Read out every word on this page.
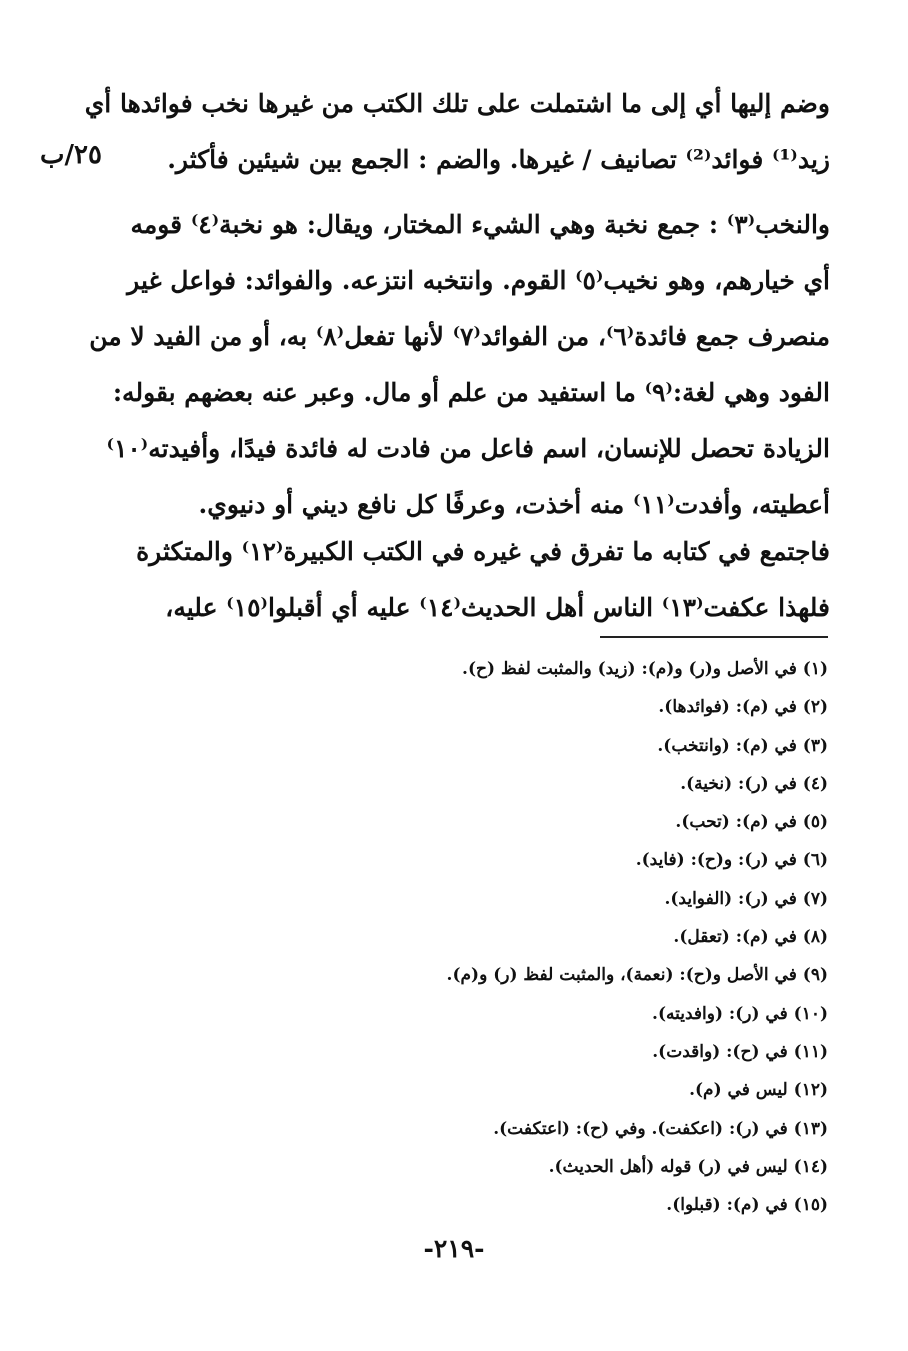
٢٥/ب
وضم إليها أي إلى ما اشتملت على تلك الكتب من غيرها نخب فوائدها أي
زيد⁽¹⁾ فوائد⁽²⁾ تصانيف / غيرها. والضم : الجمع بين شيئين فأكثر.
والنخب⁽٣⁾ : جمع نخبة وهي الشيء المختار، ويقال: هو نخبة⁽٤⁾ قومه
أي خيارهم، وهو نخيب⁽٥⁾ القوم. وانتخبه انتزعه. والفوائد: فواعل غير
منصرف جمع فائدة⁽٦⁾، من الفوائد⁽٧⁾ لأنها تفعل⁽٨⁾ به، أو من الفيد لا من
الفود وهي لغة:⁽٩⁾ ما استفيد من علم أو مال. وعبر عنه بعضهم بقوله:
الزيادة تحصل للإنسان، اسم فاعل من فادت له فائدة فيدًا، وأفيدته⁽١٠⁾
أعطيته، وأفدت⁽١١⁾ منه أخذت، وعرفًا كل نافع ديني أو دنيوي.
فاجتمع في كتابه ما تفرق في غيره في الكتب الكبيرة⁽١٢⁾ والمتكثرة
فلهذا عكفت⁽١٣⁾ الناس أهل الحديث⁽١٤⁾ عليه أي أقبلوا⁽١٥⁾ عليه،
(١) في الأصل و(ر) و(م): (زيد) والمثبت لفظ (ح).
(٢) في (م): (فوائدها).
(٣) في (م): (وانتخب).
(٤) في (ر): (نخية).
(٥) في (م): (تحب).
(٦) في (ر): و(ح): (فايد).
(٧) في (ر): (الفوايد).
(٨) في (م): (تعقل).
(٩) في الأصل و(ح): (نعمة)، والمثبت لفظ (ر) و(م).
(١٠) في (ر): (وافديته).
(١١) في (ح): (واقدت).
(١٢) ليس في (م).
(١٣) في (ر): (اعكفت). وفي (ح): (اعتكفت).
(١٤) ليس في (ر) قوله (أهل الحديث).
(١٥) في (م): (قبلوا).
-٢١٩-
